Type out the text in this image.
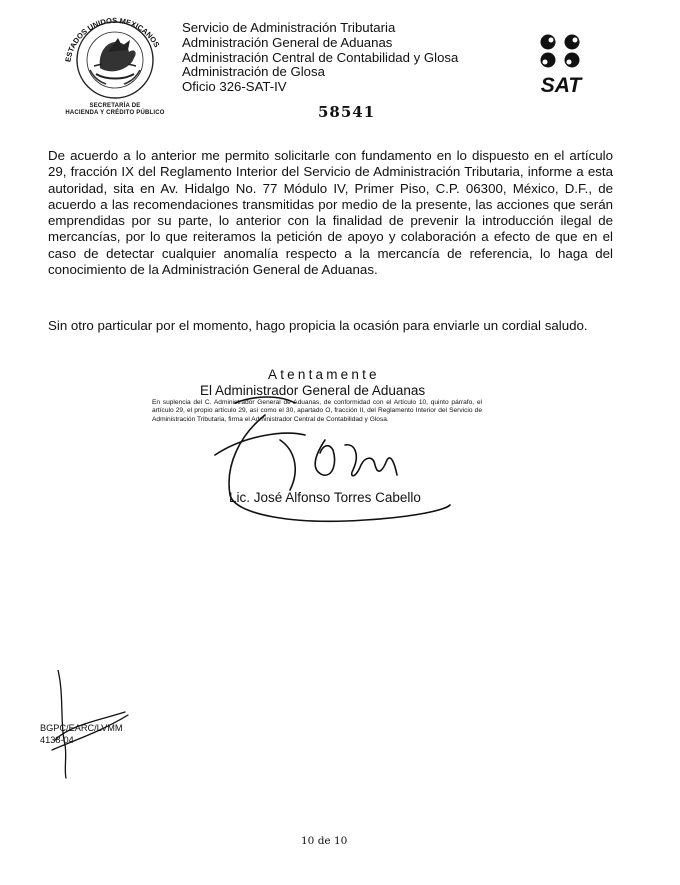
ESTADOS UNIDOS MEXICANOS
SECRETARÍA DE
HACIENDA Y CRÉDITO PÚBLICO
Servicio de Administración Tributaria
Administración General de Aduanas
Administración Central de Contabilidad y Glosa
Administración de Glosa
Oficio 326-SAT-IV
58541
SAT
De acuerdo a lo anterior me permito solicitarle con fundamento en lo dispuesto en el artículo 29, fracción IX del Reglamento Interior del Servicio de Administración Tributaria, informe a esta autoridad, sita en Av. Hidalgo No. 77 Módulo IV, Primer Piso, C.P. 06300, México, D.F., de acuerdo a las recomendaciones transmitidas por medio de la presente, las acciones que serán emprendidas por su parte, lo anterior con la finalidad de prevenir la introducción ilegal de mercancías, por lo que reiteramos la petición de apoyo y colaboración a efecto de que en el caso de detectar cualquier anomalía respecto a la mercancía de referencia, lo haga del conocimiento de la Administración General de Aduanas.
Sin otro particular por el momento, hago propicia la ocasión para enviarle un cordial saludo.
Atentamente
El Administrador General de Aduanas
En suplencia del C. Administrador General de Aduanas, de conformidad con el Artículo 10, quinto párrafo, el artículo 29, el propio artículo 29, así como el 30, apartado O, fracción II, del Reglamento Interior del Servicio de Administración Tributaria, firma el Administrador Central de Contabilidad y Glosa.
Lic. José Alfonso Torres Cabello
BGPC/EARC/LVMM
4138-04
10 de 10
